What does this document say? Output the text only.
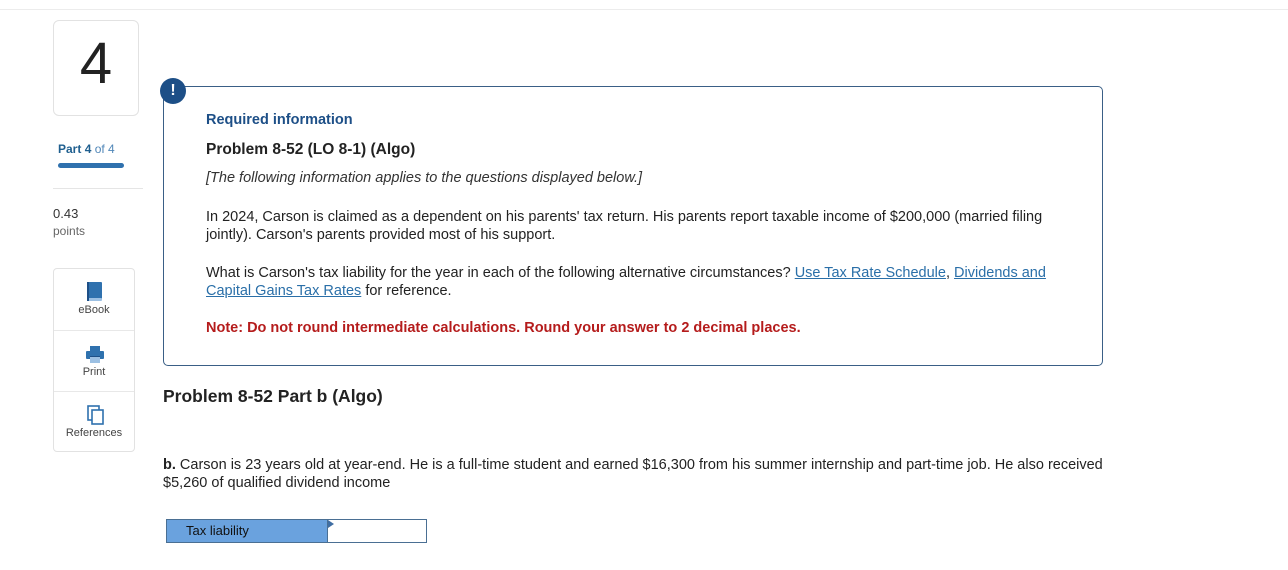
4
Part 4 of 4
0.43
points
eBook
Print
References
!
Required information
Problem 8-52 (LO 8-1) (Algo)
[The following information applies to the questions displayed below.]
In 2024, Carson is claimed as a dependent on his parents' tax return. His parents report taxable income of $200,000 (married filing jointly). Carson's parents provided most of his support.
What is Carson's tax liability for the year in each of the following alternative circumstances? Use Tax Rate Schedule, Dividends and Capital Gains Tax Rates for reference.
Note: Do not round intermediate calculations. Round your answer to 2 decimal places.
Problem 8-52 Part b (Algo)
b. Carson is 23 years old at year-end. He is a full-time student and earned $16,300 from his summer internship and part-time job. He also received $5,260 of qualified dividend income
Tax liability
